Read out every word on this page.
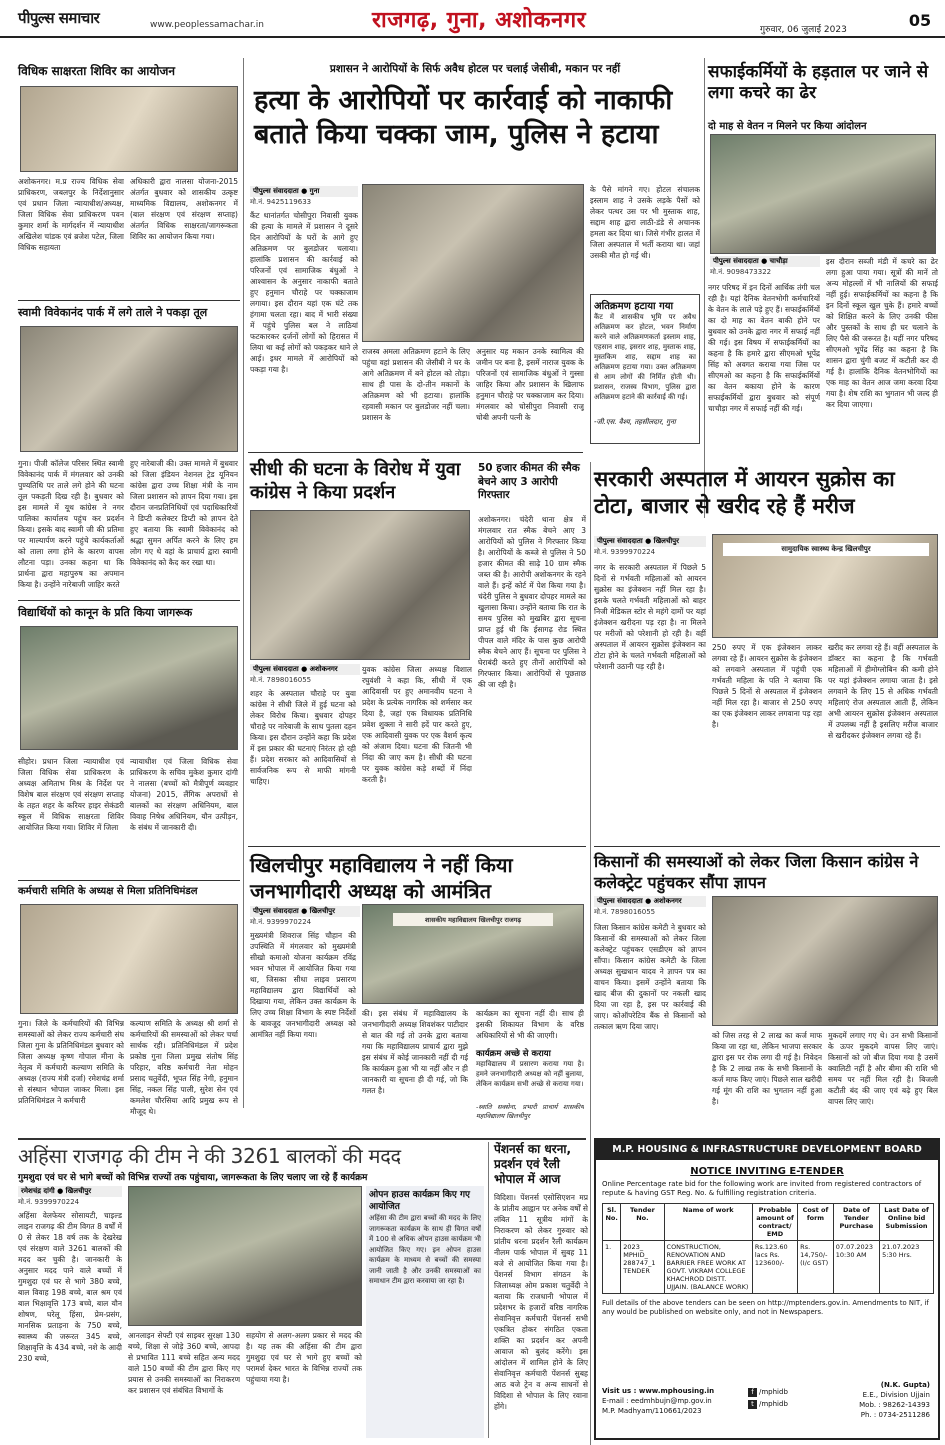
पीपुल्स समाचार	www.peoplessamachar.in	राजगढ़, गुना, अशोकनगर	गुरुवार, 06 जुलाई 2023	05
विधिक साक्षरता शिविर का आयोजन
अशोकनगर। म.प्र राज्य विधिक सेवा प्राधिकरण, जबलपुर के निर्देशानुसार एवं प्रधान जिला न्यायाधीश/अध्यक्ष, जिला विधिक सेवा प्राधिकरण पवन कुमार शर्मा के मार्गदर्शन में न्यायाधीश अखिलेश चांडक एवं ब्रजेश पटेल, जिला विधिक सहायता
अधिकारी द्वारा नालसा योजना-2015 अंतर्गत बुधवार को शासकीय उत्कृष्ट माध्यमिक विद्यालय, अशोकनगर में (बाल संरक्षण एवं संरक्षण सप्ताह) अंतर्गत विधिक साक्षरता/जागरूकता शिविर का आयोजन किया गया।
स्वामी विवेकानंद पार्क में लगे ताले ने पकड़ा तूल
गुना। पीजी कॉलेज परिसर स्थित स्वामी विवेकानंद पार्क में मंगलवार को उनकी पुण्यतिथि पर ताले लगे होने की घटना तूल पकड़ती दिख रही है। बुधवार को इस मामले में यूथ कांग्रेस ने नगर पालिका कार्यालय पहुंच कर प्रदर्शन किया। इसके बाद स्वामी जी की प्रतिमा पर माल्यार्पण करने पहुंचे कार्यकर्ताओं को ताला लगा होने के कारण वापस लौटना पड़ा। उनका कहना था कि प्रार्थना द्वारा महापुरुष का अपमान किया है। उन्होंने नारेबाजी जाहिर करते
हुए नारेबाजी की। उक्त मामले में बुधवार को जिला इंडियन नेशनल ट्रेड यूनियन कांग्रेस द्वारा उच्च शिक्षा मंत्री के नाम जिला प्रशासन को ज्ञापन दिया गया। इस दौरान जनप्रतिनिधियों एवं पदाधिकारियों ने डिप्टी कलेक्टर डिप्टी को ज्ञापन देते हुए बताया कि स्वामी विवेकानंद को श्रद्धा सुमन अर्पित करने के लिए हम लोग गए थे वहां के प्राचार्य द्वारा स्वामी विवेकानंद को कैद कर रखा था।
विद्यार्थियों को कानून के प्रति किया जागरूक
सीहोर। प्रधान जिला न्यायाधीश एवं जिला विधिक सेवा प्राधिकरण के अध्यक्ष अमिताभ मिश्र के निर्देश पर विशेष बाल संरक्षण एवं संरक्षण सप्ताह के तहत शहर के करियर हाइर सेकंडरी स्कूल में विधिक साक्षरता शिविर आयोजित किया गया। शिविर में जिला
न्यायाधीश एवं जिला विधिक सेवा प्राधिकरण के सचिव मुकेश कुमार दांगी ने नालसा (बच्चों को मैत्रीपूर्ण व्यवहार योजना) 2015, लैंगिक अपराधों से बालकों का संरक्षण अधिनियम, बाल विवाह निषेध अधिनियम, यौन उत्पीड़न, के संबंध में जानकारी दी।
कर्मचारी समिति के अध्यक्ष से मिला प्रतिनिधिमंडल
गुना। जिले के कर्मचारियों की विभिन्न समस्याओं को लेकर राज्य कर्मचारी संघ जिला गुना के प्रतिनिधिमंडल बुधवार को जिला अध्यक्ष कृष्ण गोपाल मीना के नेतृत्व में कर्मचारी कल्याण समिति के अध्यक्ष (राज्य मंत्री दर्जा) रमेशचंद्र शर्मा से संस्थान भोपाल जाकर मिला। इस प्रतिनिधिमंडल ने कर्मचारी
कल्याण समिति के अध्यक्ष श्री शर्मा से कर्मचारियों की समस्याओं को लेकर चर्चा सार्थक रही। प्रतिनिधिमंडल में प्रदेश प्रकोष्ठ गुना जिला प्रमुख संतोष सिंह परिहार, वरिष्ठ कर्मचारी नेता मोहन प्रसाद चतुर्वेदी, भूपत सिंह नेगी, हनुमान सिंह, नकल सिंह पाली, सुरेश सेन एवं कमलेश चौरसिया आदि प्रमुख रूप से मौजूद थे।
प्रशासन ने आरोपियों के सिर्फ अवैध होटल पर चलाई जेसीबी, मकान पर नहीं
हत्या के आरोपियों पर कार्रवाई को नाकाफी बताते किया चक्का जाम, पुलिस ने हटाया
पीपुल्स संवाददाता ● गुना
मो.नं. 9425119633
कैंट थानांतर्गत चोसीपुरा निवासी युवक की हत्या के मामले में प्रशासन ने दूसरे दिन आरोपियों के घरों के आगे हुए अतिक्रमण पर बुलडोजर चलाया। हालांकि प्रशासन की कार्रवाई को परिजनों एवं सामाजिक बंधुओं ने आश्वासन के अनुसार नाकाफी बताते हुए हनुमान चौराहे पर चक्काजाम लगाया। इस दौरान यहां एक घंटे तक हंगामा चलता रहा। बाद में भारी संख्या में पहुंचे पुलिस बल ने लाठियां फटकारकर दर्जनों लोगों को हिरासत में लिया था कई लोगों को पकड़कर थाने ले आई। इधर मामले में आरोपियों को पकड़ा गया है।
राजस्व अमला अतिक्रमण हटाने के लिए पहुंचा वहां प्रशासन की जेसीबी ने घर के आगे अतिक्रमण में बने होटल को तोड़ा। साथ ही पास के दो-तीन मकानों के अतिक्रमण को भी हटाया। हालांकि रहवासी मकान पर बुलडोजर नहीं चला। प्रशासन के
अनुसार यह मकान उनके स्वामित्व की जमीन पर बना है, इसमें नाराज युवक के परिजनों एवं सामाजिक बंधुओं ने गुस्सा जाहिर किया और प्रशासन के खिलाफ हनुमान चौराहे पर चक्काजाम कर दिया। मंगलवार को चोसीपुरा निवासी राजू चोबी अपनी पत्नी के
के पैसे मांगने गए। होटल संचालक इस्लाम शाह ने उसके लड़के पैसों को लेकर पत्थर उस पर भी मुस्ताक शाह, सद्दाम शाह द्वारा लाठी-डंडे से अचानक हमला कर दिया था। जिसे गंभीर हालत में जिला अस्पताल में भर्ती कराया था। जहां उसकी मौत हो गई थी।
अतिक्रमण हटाया गया
कैंट में शासकीय भूमि पर अवैध अतिक्रमण कर होटल, भवन निर्माण करने वाले अतिक्रमणकर्ता इस्लाम शाह, एहसान शाह, इसरार शाह, मुस्ताक शाह, मुस्तकिम शाह, सद्दाम शाह का अतिक्रमण हटाया गया। उक्त अतिक्रमण से आम लोगों की निर्मित होती थी। प्रशासन, राजस्व विभाग, पुलिस द्वारा अतिक्रमण हटाने की कार्रवाई की गई।
-जी.एस. वैश्य, तहसीलदार, गुना
सफाईकर्मियों के हड़ताल पर जाने से लगा कचरे का ढेर
दो माह से वेतन न मिलने पर किया आंदोलन
पीपुल्स संवाददाता ● चाचौड़ा
मो.नं. 9098473322
नगर परिषद में इन दिनों आर्थिक तंगी चल रही है। यहां दैनिक वेतनभोगी कर्मचारियों के वेतन के लाले पड़े हुए हैं। सफाईकर्मियों का दो माह का वेतन बाकी होने पर बुधवार को उनके द्वारा नगर में सफाई नहीं की गई। इस विषय में सफाईकर्मियों का कहना है कि हमारे द्वारा सीएमओ भूपेंद्र सिंह को अवगत कराया गया जिस पर सीएमओ का कहना है कि सफाईकर्मियों का वेतन बकाया होने के कारण सफाईकर्मियों द्वारा बुधवार को संपूर्ण चाचौड़ा नगर में सफाई नहीं की गई।
इस दौरान सब्जी मंडी में कचरे का ढेर लगा हुआ पाया गया। सूत्रों की मानें तो अन्य मोहल्लों में भी नालियों की सफाई नहीं हुई। सफाईकर्मियों का कहना है कि इन दिनों स्कूल खुल चुके हैं। हमारे बच्चों को शिक्षित करने के लिए उनकी फीस और पुस्तकों के साथ ही घर चलाने के लिए पैसे की जरूरत है। यहीं नगर परिषद सीएमओ भूपेंद्र सिंह का कहना है कि शासन द्वारा चुंगी बजट में कटौती कर दी गई है। हालांकि दैनिक वेतनभोगियों का एक माह का वेतन आज जमा करवा दिया गया है। शेष राशि का भुगतान भी जल्द ही कर दिया जाएगा।
सीधी की घटना के विरोध में युवा कांग्रेस ने किया प्रदर्शन
पीपुल्स संवाददाता ● अशोकनगर
मो.नं. 7898016055
शहर के अस्पताल चौराहे पर युवा कांग्रेस ने सीधी जिले में हुई घटना को लेकर विरोध किया। बुधवार दोपहर चौराहे पर नारेबाजी के साथ पुतला दहन किया। इस दौरान उन्होंने कहा कि प्रदेश में इस प्रकार की घटनाएं निरंतर हो रही हैं। प्रदेश सरकार को आदिवासियों से सार्वजनिक रूप से माफी मांगनी चाहिए।
युवक कांग्रेस जिला अध्यक्ष विशाल रघुवंशी ने कहा कि, सीधी में एक आदिवासी पर हुए अमानवीय घटना ने प्रदेश के प्रत्येक नागरिक को शर्मसार कर दिया है, जहां एक विधायक प्रतिनिधि प्रवेश शुक्ला ने सारी हदें पार करते हुए, एक आदिवासी युवक पर एक वैशर्म कृत्य को अंजाम दिया। घटना की जितनी भी निंदा की जाए कम है। सीधी की घटना पर युवक कांग्रेस कड़े शब्दों में निंदा करती है।
50 हजार कीमत की स्मैक बेचने आए 3 आरोपी गिरफ्तार
अशोकनगर। चंदेरी थाना क्षेत्र में मंगलवार रात स्मैक बेचने आए 3 आरोपियों को पुलिस ने गिरफ्तार किया है। आरोपियों के कब्जे से पुलिस ने 50 हजार कीमत की सा‍ढ़े 10 ग्राम स्मैक जब्त की है। आरोपी अशोकनगर के रहने वाले हैं। इन्हें कोर्ट में पेश किया गया है। चंदेरी पुलिस ने बुधवार दोपहर मामले का खुलासा किया। उन्होंने बताया कि रात के समय पुलिस को मुखबिर द्वारा सूचना प्राप्त हुई थी कि ईसागढ़ रोड स्थित पीपल वाले मंदिर के पास कुछ आरोपी स्मैक बेचने आए हैं। सूचना पर पुलिस ने घेराबंदी करते हुए तीनों आरोपियों को गिरफ्तार किया। आरोपियों से पूछताछ की जा रही है।
सरकारी अस्पताल में आयरन सुक्रोस का टोटा, बाजार से खरीद रहे हैं मरीज
पीपुल्स संवाददाता ● खिलचीपुर
मो.नं. 9399970224
नगर के सरकारी अस्पताल में पिछले 5 दिनों से गर्भवती महिलाओं को आयरन सुक्रोस का इंजेक्शन नहीं मिल रहा है। इसके चलते गर्भवती महिलाओं को बाहर निजी मेडिकल स्टोर से महंगे दामों पर यहां इंजेक्शन खरीदना पड़ रहा है। ना मिलने पर मरीजों को परेशानी हो रही है। वहीं अस्पताल में आयरन सुक्रोस इंजेक्शन का टोटा होने के चलते गर्भवती महिलाओं को परेशानी उठानी पड़ रही है।
सामुदायिक स्वास्थ्य केन्द्र खिलचीपुर
250 रुपए में एक इंजेक्शन लाकर लगवा रहे हैं। आयरन सुक्रोस के इंजेक्शन को लगवाने अस्पताल में पहुंची एक गर्भवती महिला के पति ने बताया कि पिछले 5 दिनों से अस्पताल में इंजेक्शन नहीं मिल रहा है। बाजार से 250 रुपए का एक इंजेक्शन लाकर लगवाना पड़ रहा है।
खरीद कर लगवा रहे हैं। वहीं अस्पताल के डॉक्टर का कहना है कि गर्भवती महिलाओं में हीमोग्लोबिन की कमी होने पर यहां इंजेक्शन लगाया जाता है। इसे लगवाने के लिए 15 से अधिक गर्भवती महिलाएं रोज अस्पताल आती हैं, लेकिन अभी आयरन सुक्रोस इंजेक्शन अस्पताल में उपलब्ध नहीं है इसलिए मरीज बाजार से खरीदकर इंजेक्शन लगवा रहे हैं।
खिलचीपुर महाविद्यालय ने नहीं किया जनभागीदारी अध्यक्ष को आमंत्रित
पीपुल्स संवाददाता ● खिलचीपुर
मो.नं. 9399970224
मुख्यमंत्री शिवराज सिंह चौहान की उपस्थिति में मंगलवार को मुख्यमंत्री सीखो कमाओ योजना कार्यक्रम रविंद्र भवन भोपाल में आयोजित किया गया था, जिसका सीधा लाइव प्रसारण महाविद्यालय द्वारा विद्यार्थियों को दिखाया गया, लेकिन उक्त कार्यक्रम के लिए उच्च शिक्षा विभाग के स्पष्ट निर्देशों के बावजूद जनभागीदारी अध्यक्ष को आमंत्रित नहीं किया गया।
शासकीय महाविद्यालय खिलचीपुर राजगढ़
की। इस संबंध में महाविद्यालय के जनभागीदारी अध्यक्ष शिवशंकर पाटीदार से बात की गई तो उनके द्वारा बताया गया कि महाविद्यालय प्राचार्य द्वारा मुझे इस संबंध में कोई जानकारी नहीं दी गई कि कार्यक्रम हुआ भी या नहीं और न ही जानकारी या सूचना ही दी गई, जो कि गलत है।
कार्यक्रम का सूचना नहीं दी। साथ ही इसकी शिकायत विभाग के वरिष्ठ अधिकारियों से भी की जाएगी।
कार्यक्रम अच्छे से कराया
महाविद्यालय में प्रसारण कराया गया है। हमने जनभागीदारी अध्यक्ष को नहीं बुलाया, लेकिन कार्यक्रम सभी अच्छे से कराया गया।
-स्वाति सक्सेना, प्रभारी प्राचार्य शासकीय महाविद्यालय खिलचीपुर
किसानों की समस्याओं को लेकर जिला किसान कांग्रेस ने कलेक्ट्रेट पहुंचकर सौंपा ज्ञापन
पीपुल्स संवाददाता ● अशोकनगर
मो.नं. 7898016055
जिला किसान कांग्रेस कमेटी ने बुधवार को किसानों की समस्याओं को लेकर जिला कलेक्ट्रेट पहुंचकर एसडीएम को ज्ञापन सौंपा। किसान कांग्रेस कमेटी के जिला अध्यक्ष सुखधान यादव ने ज्ञापन पत्र का वाचन किया। इसमें उन्होंने बताया कि खाद बीज की दुकानों पर नकली खाद दिया जा रहा है, इस पर कार्रवाई की जाए। कोऑपरेटिव बैंक से किसानों को तत्काल ऋण दिया जाए।
को जिस तरह से 2 लाख का कर्ज माफ किया जा रहा था, लेकिन भाजपा सरकार द्वारा इस पर रोक लगा दी गई है। निवेदन है कि 2 लाख तक के सभी किसानों के कर्ज माफ किए जाएं। पिछले साल खरीदी गई मूंग की राशि का भुगतान नहीं हुआ है।
मुकदमें लगाए गए थे। उन सभी किसानों के ऊपर मुकदमे वापस लिए जाएं। किसानों को जो बीज दिया गया है उसमें क्वालिटी नहीं है और बीमा की राशि भी समय पर नहीं मिल रही है। बिजली कटौती बंद की जाए एवं बढ़े हुए बिल वापस लिए जाएं।
अहिंसा राजगढ़ की टीम ने की 3261 बालकों की मदद
गुमशुदा एवं घर से भागे बच्चों को विभिन्न राज्यों तक पहुंचाया, जागरूकता के लिए चलाए जा रहे हैं कार्यक्रम
रमेशचंद्र दांगी ● खिलचीपुर
मो.नं. 9399970224
अहिंसा वेलफेयर सोसायटी, चाइल्ड लाइन राजगढ़ की टीम विगत 8 वर्षों में 0 से लेकर 18 वर्ष तक के देखरेख एवं संरक्षण वाले 3261 बालकों की मदद कर चुकी है। जानकारी के अनुसार मदद पाने वाले बच्चों में गुमशुदा एवं घर से भागे 380 बच्चे, बाल विवाह 198 बच्चे, बाल श्रम एवं बाल भिक्षावृत्ति 173 बच्चे, बाल यौन शोषण, घरेलू हिंसा, प्रेम-प्रसंग, मानसिक प्रताड़ना के 750 बच्चे, स्वास्थ्य की जरूरत 345 बच्चे, शिक्षावृत्ति के 434 बच्चे, नशे के आदी 230 बच्चे,
आनलाइन सेफ्टी एवं साइबर सुरक्षा 130 बच्चे, शिक्षा से जोड़े 360 बच्चे, आपदा से प्रभावित 111 बच्चे सहित अन्य मदद वाले 150 बच्चों की टीम द्वारा किए गए प्रयास से उनकी समस्याओं का निराकरण कर प्रशासन एवं संबंधित विभागों के
सहयोग से अलग-अलग प्रकार से मदद की है। यह तक की अहिंसा की टीम द्वारा गुमशुदा एवं घर से भागे हुए बच्चों को परामर्श देकर भारत के विभिन्न राज्यों तक पहुंचाया गया है।
ओपन हाउस कार्यक्रम किए गए आयोजित
अहिंसा की टीम द्वारा बच्चों की मदद के लिए जागरूकता कार्यक्रम के साथ ही विगत वर्षों में 100 से अधिक ओपन हाउस कार्यक्रम भी आयोजित किए गए। इन ओपन हाउस कार्यक्रम के माध्यम से बच्चों की समस्या जानी जाती है और उनकी समस्याओं का समाधान टीम द्वारा करवाया जा रहा है।
पेंशनर्स का धरना, प्रदर्शन एवं रैली भोपाल में आज
विदिशा। पेंशनर्स एसोसिएशन मप्र के प्रांतीय आह्वान पर अनेक वर्षों से लंबित 11 सूत्रीय मांगों के निराकरण को लेकर गुरुवार को प्रांतीय धरना प्रदर्शन रैली कार्यक्रम नीलम पार्क भोपाल में सुबह 11 बजे से आयोजित किया गया है। पेंशनर्स विभाग संगठन के जिलाध्यक्ष ओम प्रकाश चतुर्वेदी ने बताया कि राजधानी भोपाल में प्रदेशभर के हजारों वरिष्ठ नागरिक सेवानिवृत्त कर्मचारी पेंशनर्स सभी एकत्रित होकर संगठित एकता शक्ति का प्रदर्शन कर अपनी आवाज को बुलंद करेंगे। इस आंदोलन में शामिल होने के लिए सेवानिवृत्त कर्मचारी पेंशनर्स सुबह आठ बजे ट्रेन व अन्य साधनों से विदिशा से भोपाल के लिए रवाना होंगे।
M.P. HOUSING & INFRASTRUCTURE DEVELOPMENT BOARD
NOTICE INVITING E-TENDER
Online Percentage rate bid for the following work are invited from registered contractors of repute & having GST Reg. No. & fulfilling registration criteria.
Sl. No.	Tender No.	Name of work	Probable amount of contract/ EMD	Cost of form	Date of Tender Purchase	Last Date of Online bid Submission
1.	2023_ MPHID_ 288747_1 TENDER	CONSTRUCTION, RENOVATION AND BARRIER FREE WORK AT GOVT. VIKRAM COLLEGE KHACHROD DISTT. UJJAIN. (BALANCE WORK)	Rs.123.60 lacs Rs. 123600/-	Rs. 14,750/- (I/c GST)	07.07.2023 10:30 AM	21.07.2023 5:30 Hrs.
Full details of the above tenders can be seen on http://mptenders.gov.in. Amendments to NIT, if any would be published on website only, and not in Newspapers.
Visit us : www.mphousing.in
E-mail : eedmhbujn@mp.gov.in
M.P. Madhyam/110661/2023
f /mphidb
t /mphidb
(N.K. Gupta)
E.E., Division Ujjain
Mob. : 98262-14393
Ph. : 0734-2511286
